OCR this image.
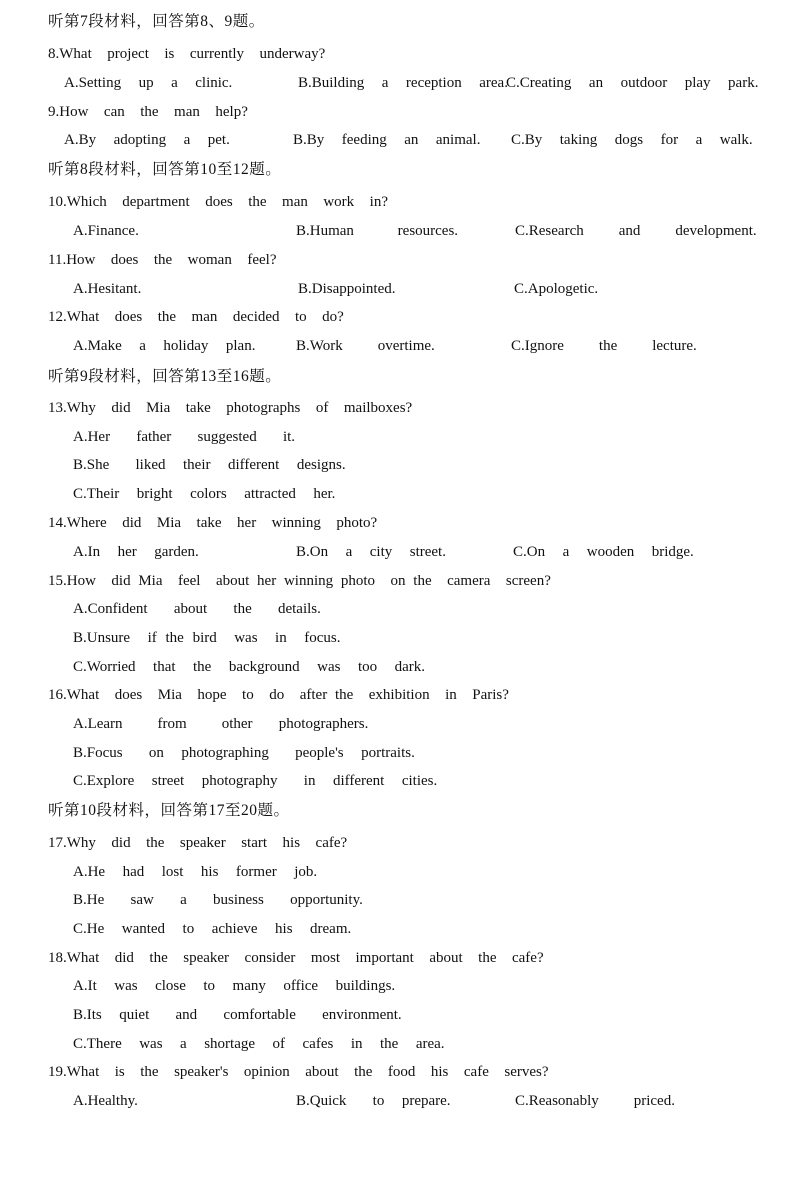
听第7段材料，回答第8、9题。
8.What  project  is  currently  underway?

A.Setting  up  a  clinic.

	B.Building  a  reception  area.

C.Creating  an  outdoor  play  park.

9.How  can  the  man  help?

A.By  adopting  a  pet.

	B.By  feeding  an  animal.

C.By  taking  dogs  for  a  walk.

听第8段材料，回答第10至12题。
10.Which  department  does  the  man  work  in?

A.Finance.

	B.Human     resources.

	C.Research    and    development.

11.How  does  the  woman  feel?

A.Hesitant.

	B.Disappointed.

	C.Apologetic.

12.What  does  the  man  decided  to  do?

A.Make  a  holiday  plan.

	B.Work    overtime.

	C.Ignore    the    lecture.

听第9段材料，回答第13至16题。
13.Why  did  Mia  take  photographs  of  mailboxes?
A.Her   father   suggested   it.
B.She   liked  their  different  designs.
C.Their  bright  colors  attracted  her.
14.Where  did  Mia  take  her  winning  photo?

A.In  her  garden.

	B.On  a  city  street.

	C.On  a  wooden  bridge.

15.How  did Mia  feel  about her winning photo  on the  camera  screen?
A.Confident   about   the   details.
B.Unsure  if the bird  was  in  focus.
C.Worried  that  the  background  was  too  dark.
16.What  does  Mia  hope  to  do  after the  exhibition  in  Paris?
A.Learn    from    other   photographers.
B.Focus   on  photographing   people's  portraits.
C.Explore  street  photography   in  different  cities.
听第10段材料，回答第17至20题。
17.Why  did  the  speaker  start  his  cafe?
A.He  had  lost  his  former  job.
B.He   saw   a   business   opportunity.
C.He  wanted  to  achieve  his  dream.
18.What  did  the  speaker  consider  most  important  about  the  cafe?
A.It  was  close  to  many  office  buildings.
B.Its  quiet   and   comfortable   environment.
C.There  was  a  shortage  of  cafes  in  the  area.
19.What  is  the  speaker's  opinion  about  the  food  his  cafe  serves?

A.Healthy.

	B.Quick   to  prepare.

	C.Reasonably    priced.
